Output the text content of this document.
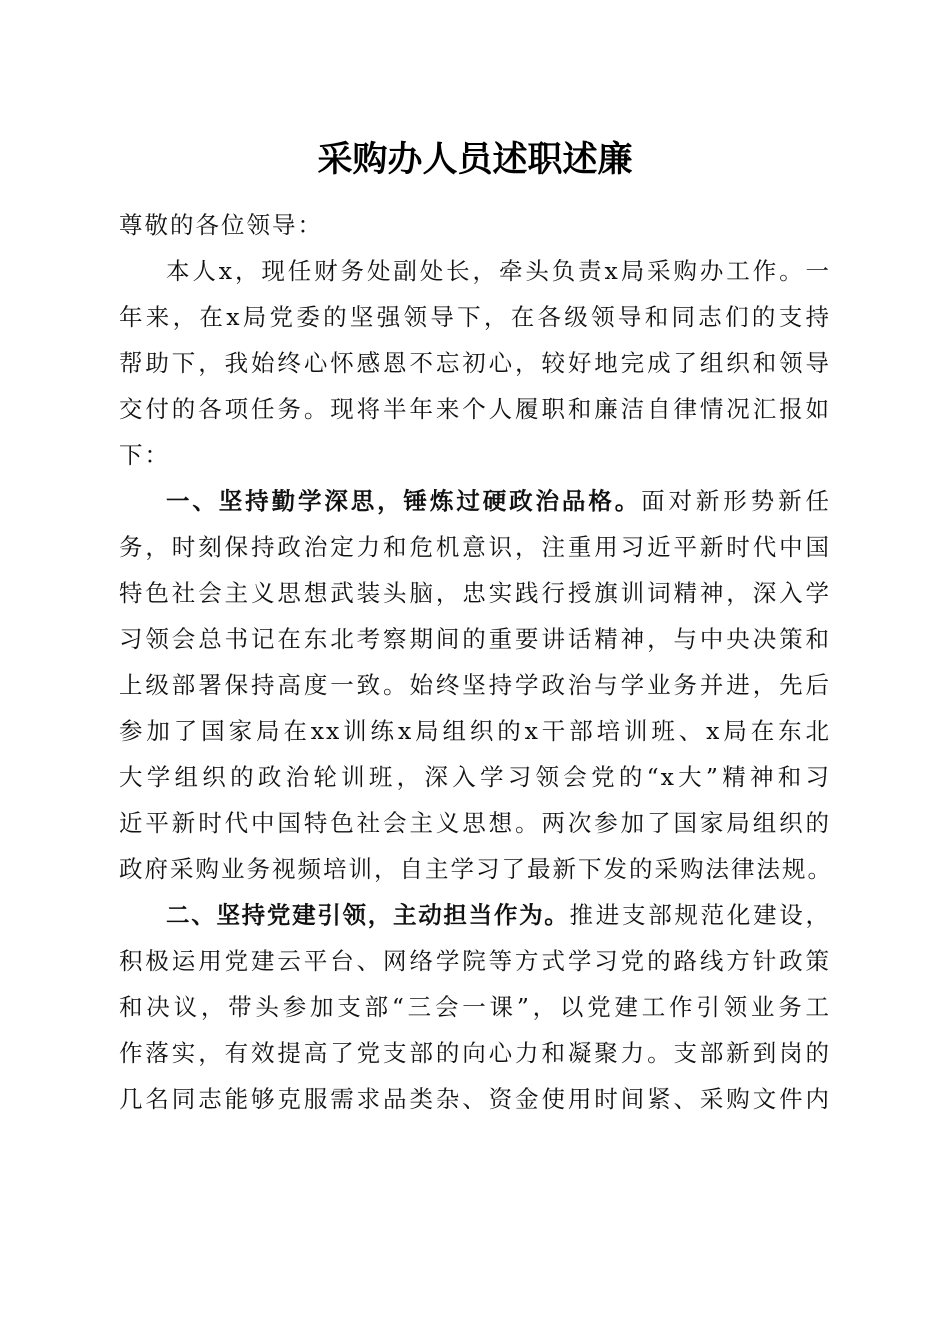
采购办人员述职述廉
尊敬的各位领导：
本人x，现任财务处副处长，牵头负责x局采购办工作。一
年来，在x局党委的坚强领导下，在各级领导和同志们的支持
帮助下，我始终心怀感恩不忘初心，较好地完成了组织和领导
交付的各项任务。现将半年来个人履职和廉洁自律情况汇报如
下：
一、坚持勤学深思，锤炼过硬政治品格。面对新形势新任
务，时刻保持政治定力和危机意识，注重用习近平新时代中国
特色社会主义思想武装头脑，忠实践行授旗训词精神，深入学
习领会总书记在东北考察期间的重要讲话精神，与中央决策和
上级部署保持高度一致。始终坚持学政治与学业务并进，先后
参加了国家局在xx训练x局组织的x干部培训班、x局在东北
大学组织的政治轮训班，深入学习领会党的“x大”精神和习
近平新时代中国特色社会主义思想。两次参加了国家局组织的
政府采购业务视频培训，自主学习了最新下发的采购法律法规。
二、坚持党建引领，主动担当作为。推进支部规范化建设，
积极运用党建云平台、网络学院等方式学习党的路线方针政策
和决议，带头参加支部“三会一课”，以党建工作引领业务工
作落实，有效提高了党支部的向心力和凝聚力。支部新到岗的
几名同志能够克服需求品类杂、资金使用时间紧、采购文件内
